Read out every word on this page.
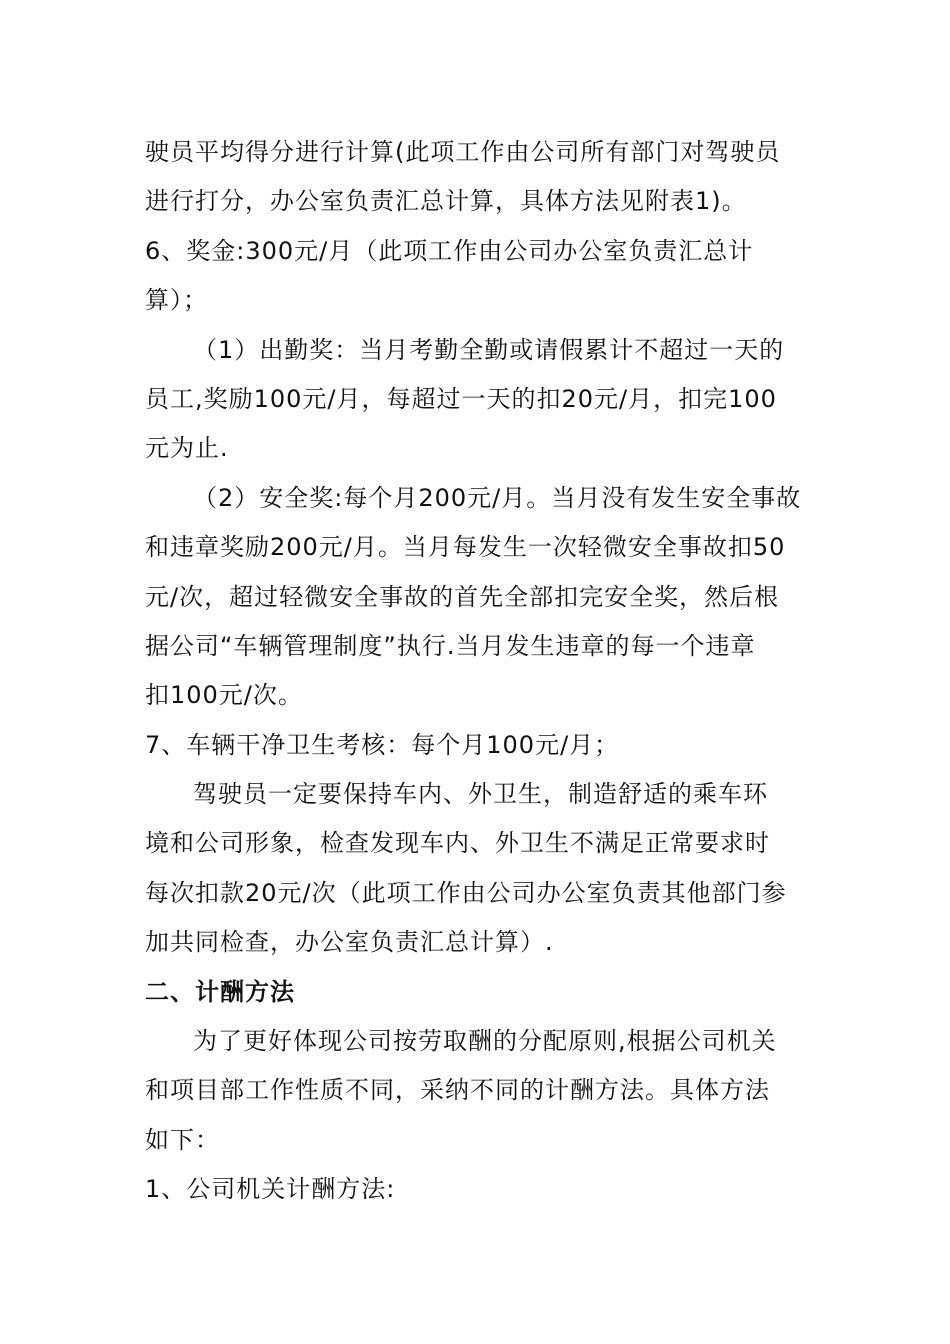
驶员平均得分进行计算(此项工作由公司所有部门对驾驶员
进行打分，办公室负责汇总计算，具体方法见附表1)。
6、奖金:300元/月（此项工作由公司办公室负责汇总计
算）；
（1）出勤奖：当月考勤全勤或请假累计不超过一天的
员工,奖励100元/月，每超过一天的扣20元/月，扣完100
元为止.
（2）安全奖:每个月200元/月。当月没有发生安全事故
和违章奖励200元/月。当月每发生一次轻微安全事故扣50
元/次，超过轻微安全事故的首先全部扣完安全奖，然后根
据公司“车辆管理制度”执行.当月发生违章的每一个违章
扣100元/次。
7、车辆干净卫生考核：每个月100元/月；
驾驶员一定要保持车内、外卫生，制造舒适的乘车环
境和公司形象，检查发现车内、外卫生不满足正常要求时
每次扣款20元/次（此项工作由公司办公室负责其他部门参
加共同检查，办公室负责汇总计算）.
二、计酬方法
为了更好体现公司按劳取酬的分配原则,根据公司机关
和项目部工作性质不同，采纳不同的计酬方法。具体方法
如下：
1、公司机关计酬方法:
